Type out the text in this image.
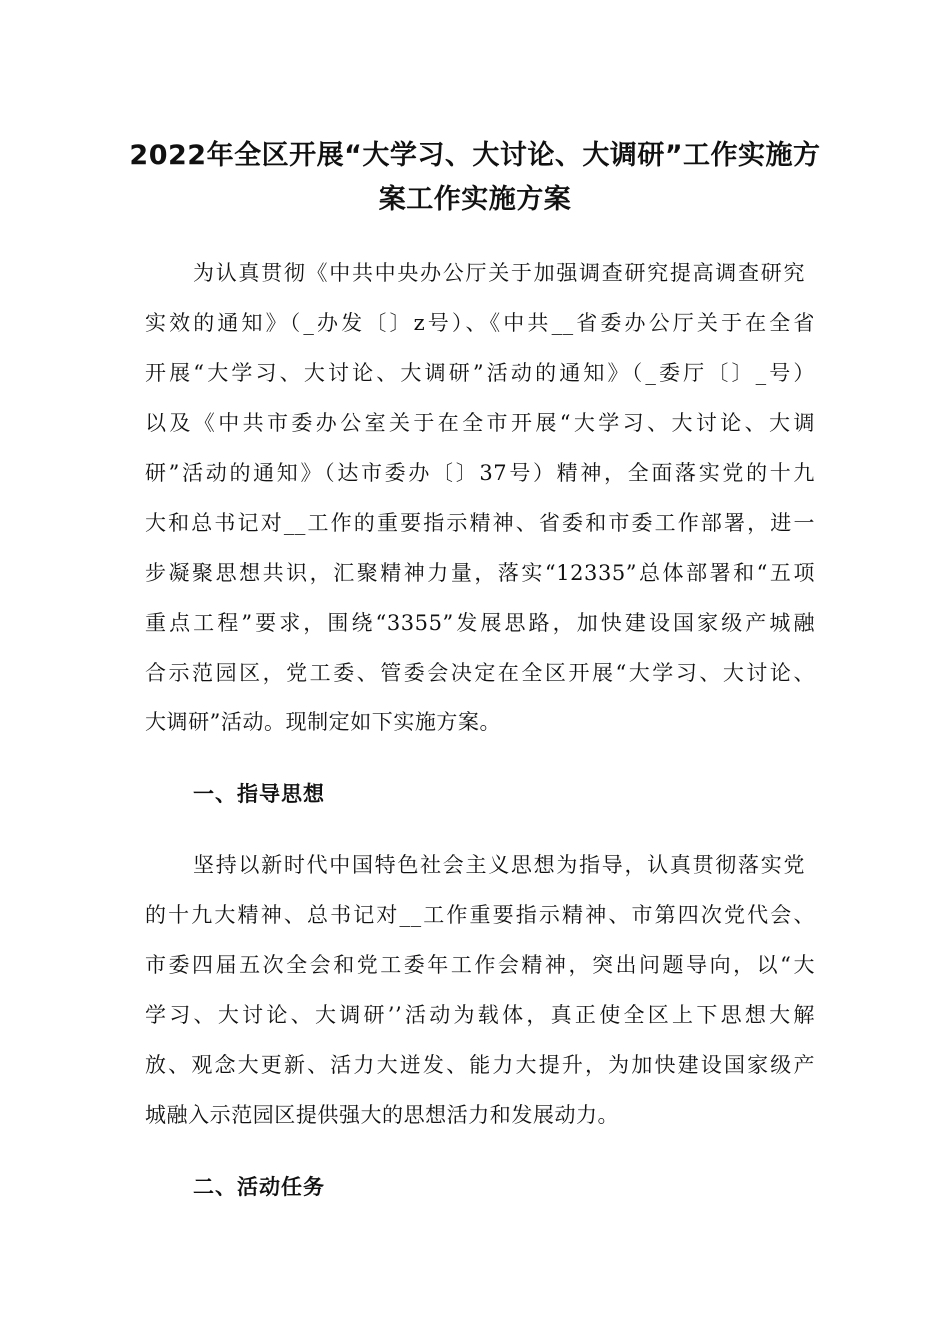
2022年全区开展“大学习、大讨论、大调研”工作实施方
案工作实施方案
为认真贯彻《中共中央办公厅关于加强调查研究提高调查研究
实效的通知》（_办发〔〕z号）、《中共__省委办公厅关于在全省
开展“大学习、大讨论、大调研”活动的通知》（_委厅〔〕_号）
以及《中共市委办公室关于在全市开展“大学习、大讨论、大调
研”活动的通知》（达市委办〔〕37号）精神，全面落实党的十九
大和总书记对__工作的重要指示精神、省委和市委工作部署，进一
步凝聚思想共识，汇聚精神力量，落实“12335”总体部署和“五项
重点工程”要求，围绕“3355”发展思路，加快建设国家级产城融
合示范园区，党工委、管委会决定在全区开展“大学习、大讨论、
大调研”活动。现制定如下实施方案。
一、指导思想
坚持以新时代中国特色社会主义思想为指导，认真贯彻落实党
的十九大精神、总书记对__工作重要指示精神、市第四次党代会、
市委四届五次全会和党工委年工作会精神，突出问题导向，以“大
学习、大讨论、大调研’’活动为载体，真正使全区上下思想大解
放、观念大更新、活力大迸发、能力大提升，为加快建设国家级产
城融入示范园区提供强大的思想活力和发展动力。
二、活动任务
